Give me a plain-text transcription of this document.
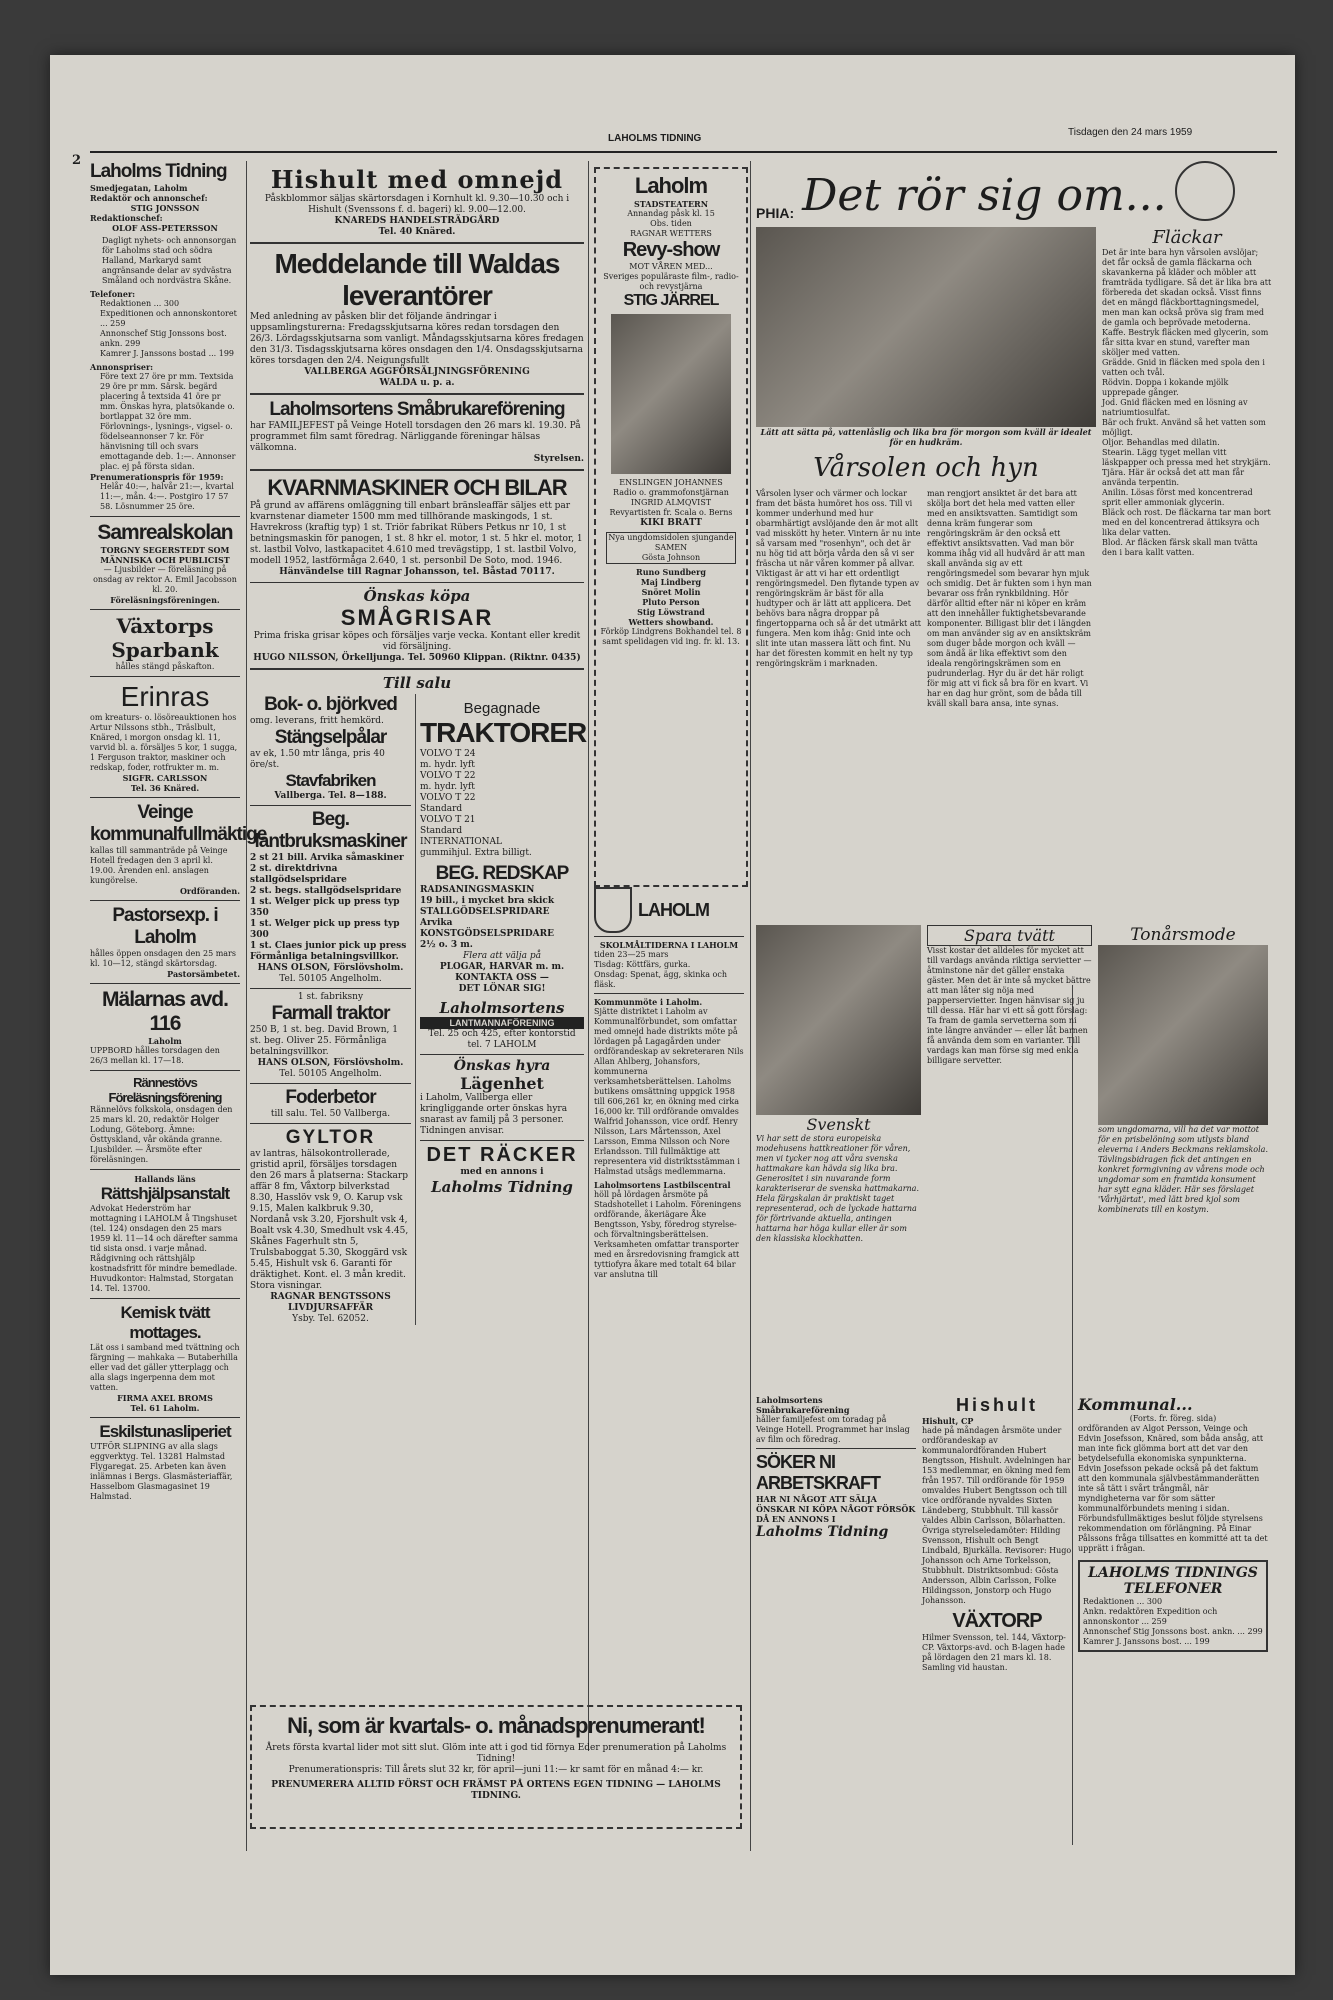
2
LAHOLMS TIDNING
Tisdagen den 24 mars 1959
Laholms Tidning
Smedjegatan, Laholm
Redaktör och annonschef:
STIG JONSSON
Redaktionschef:
OLOF ASS-PETERSSON
Dagligt nyhets- och annonsorgan för Laholms stad och södra Halland, Markaryd samt angränsande delar av sydvästra Småland och nordvästra Skåne.
Telefoner:
Redaktionen ... 300
Expeditionen och annonskontoret ... 259
Annonschef Stig Jonssons bost. ankn. 299
Kamrer J. Janssons bostad ... 199
Annonspriser:
Före text 27 öre pr mm. Textsida 29 öre pr mm. Särsk. begärd placering å textsida 41 öre pr mm. Önskas hyra, platsökande o. bortlappat 32 öre mm. Förlovnings-, lysnings-, vigsel- o. födelseannonser 7 kr. För hänvisning till och svars emottagande deb. 1:—. Annonser plac. ej på första sidan.
Prenumerationspris för 1959:
Helår 40:—, halvår 21:—, kvartal 11:—, mån. 4:—. Postgiro 17 57 58. Lösnummer 25 öre.
Samrealskolan
TORGNY SEGERSTEDT SOM MÄNNISKA OCH PUBLICIST
— Ljusbilder — föreläsning på onsdag av rektor A. Emil Jacobsson kl. 20.
Föreläsningsföreningen.
Växtorps Sparbank
hålles stängd påskafton.
Erinras
om kreaturs- o. lösöreauktionen hos Artur Nilssons stbh., Träslbult, Knäred, i morgon onsdag kl. 11, varvid bl. a. försäljes 5 kor, 1 sugga, 1 Ferguson traktor, maskiner och redskap, foder, rotfrukter m. m.
SIGFR. CARLSSON
Tel. 36 Knäred.
Veinge kommunalfullmäktige
kallas till sammanträde på Veinge Hotell fredagen den 3 april kl. 19.00. Ärenden enl. anslagen kungörelse.
Ordföranden.
Pastorsexp. i Laholm
hålles öppen onsdagen den 25 mars kl. 10—12, stängd skärtorsdag.
Pastorsämbetet.
Mälarnas avd. 116
Laholm
UPPBORD hålles torsdagen den 26/3 mellan kl. 17—18.
Rännestövs Föreläsningsförening
Rännelövs folkskola, onsdagen den 25 mars kl. 20, redaktör Holger Lodung, Göteborg. Ämne: Östtyskland, vår okända granne. Ljusbilder. — Årsmöte efter föreläsningen.
Hallands läns
Rättshjälpsanstalt
Advokat Hederström har mottagning i LAHOLM å Tingshuset (tel. 124) onsdagen den 25 mars 1959 kl. 11—14 och därefter samma tid sista onsd. i varje månad. Rådgivning och rättshjälp kostnadsfritt för mindre bemedlade. Huvudkontor: Halmstad, Storgatan 14. Tel. 13700.
Kemisk tvätt mottages.
Lät oss i samband med tvättning och färgning — mahkaka — Butaberhilla eller vad det gäller ytterplagg och alla slags ingerpenna dem mot vatten.
FIRMA AXEL BROMS
Tel. 61 Laholm.
Eskilstunasliperiet
UTFÖR SLIPNING av alla slags eggverktyg. Tel. 13281 Halmstad Flygaregat. 25. Arbeten kan även inlämnas i Bergs. Glasmästeriaffär, Hasselbom Glasmagasinet 19 Halmstad.
Hishult med omnejd
Påskblommor säljas skärtorsdagen i Kornhult kl. 9.30—10.30 och i Hishult (Svenssons f. d. bageri) kl. 9.00—12.00.
KNAREDS HANDELSTRÄDGÅRD
Tel. 40 Knäred.
Meddelande till Waldas leverantörer
Med anledning av påsken blir det följande ändringar i uppsamlingsturerna: Fredagsskjutsarna köres redan torsdagen den 26/3. Lördagsskjutsarna som vanligt. Måndagsskjutsarna köres fredagen den 31/3. Tisdagsskjutsarna köres onsdagen den 1/4. Onsdagsskjutsarna köres torsdagen den 2/4. Neigungsfullt
VALLBERGA AGGFÖRSÄLJNINGSFÖRENING
WALDA u. p. a.
Laholmsortens Småbrukareförening
har FAMILJEFEST på Veinge Hotell torsdagen den 26 mars kl. 19.30. På programmet film samt föredrag. Närliggande föreningar hälsas välkomna.
Styrelsen.
KVARNMASKINER OCH BILAR
På grund av affärens omläggning till enbart bränsleaffär säljes ett par kvarnstenar diameter 1500 mm med tillhörande maskingods, 1 st. Havrekross (kraftig typ) 1 st. Triör fabrikat Rübers Petkus nr 10, 1 st betningsmaskin för panogen, 1 st. 8 hkr el. motor, 1 st. 5 hkr el. motor, 1 st. lastbil Volvo, lastkapacitet 4.610 med trevägstipp, 1 st. lastbil Volvo, modell 1952, lastförmåga 2.640, 1 st. personbil De Soto, mod. 1946.
Hänvändelse till Ragnar Johansson, tel. Båstad 70117.
Önskas köpa
SMÅGRISAR
Prima friska grisar köpes och försäljes varje vecka. Kontant eller kredit vid försäljning.
HUGO NILSSON, Örkelljunga. Tel. 50960 Klippan. (Riktnr. 0435)
Till salu
Bok- o. björkved
omg. leverans, fritt hemkörd.
Stängselpålar
av ek, 1.50 mtr långa, pris 40 öre/st.
Stavfabriken
Vallberga. Tel. 8—188.
Beg. lantbruksmaskiner
2 st 21 bill. Arvika såmaskiner
2 st. direktdrivna stallgödselspridare
2 st. begs. stallgödselspridare
1 st. Welger pick up press typ 350
1 st. Welger pick up press typ 300
1 st. Claes junior pick up press
Förmånliga betalningsvillkor.
HANS OLSON, Förslövsholm.
Tel. 50105 Angelholm.
1 st. fabriksny
Farmall traktor
250 B, 1 st. beg. David Brown, 1 st. beg. Oliver 25. Förmånliga betalningsvillkor.
HANS OLSON, Förslövsholm.
Tel. 50105 Angelholm.
Foderbetor
till salu. Tel. 50 Vallberga.
GYLTOR
av lantras, hälsokontrollerade, gristid april, försäljes torsdagen den 26 mars å platserna: Stackarp affär 8 fm, Våxtorp bilverkstad 8.30, Hasslöv vsk 9, O. Karup vsk 9.15, Malen kalkbruk 9.30, Nordanå vsk 3.20, Fjorshult vsk 4, Boalt vsk 4.30, Smedhult vsk 4.45, Skånes Fagerhult stn 5, Trulsbaboggat 5.30, Skoggärd vsk 5.45, Hishult vsk 6. Garanti för dräktighet. Kont. el. 3 mån kredit. Stora visningar.
RAGNAR BENGTSSONS LIVDJURSAFFÄR
Ysby. Tel. 62052.
Begagnade
TRAKTORER
VOLVO T 24
m. hydr. lyft
VOLVO T 22
m. hydr. lyft
VOLVO T 22
Standard
VOLVO T 21
Standard
INTERNATIONAL
gummihjul. Extra billigt.
BEG. REDSKAP
RADSANINGSMASKIN
19 bill., i mycket bra skick
STALLGÖDSELSPRIDARE
Arvika
KONSTGÖDSELSPRIDARE
2½ o. 3 m.
Flera att välja på
PLOGAR, HARVAR m. m.
KONTAKTA OSS —
DET LÖNAR SIG!
Laholmsortens
LANTMANNAFÖRENING
Tel. 25 och 425, efter kontorstid tel. 7 LAHOLM
Önskas hyra
Lägenhet
i Laholm, Vallberga eller kringliggande orter önskas hyra snarast av familj på 3 personer. Tidningen anvisar.
DET RÄCKER
med en annons i
Laholms Tidning
Laholm
STADSTEATERN
Annandag påsk kl. 15
Obs. tiden
RAGNAR WETTERS
Revy-show
MOT VÅREN MED...
Sveriges populäraste film-, radio- och revystjärna
STIG JÄRREL
ENSLINGEN JOHANNES
Radio o. grammofonstjärnan
INGRID ALMQVIST
Revyartisten fr. Scala o. Berns
KIKI BRATT
Nya ungdomsidolen sjungande
SAMEN
Gösta Johnson
Runo Sundberg
Maj Lindberg
Snöret Molin
Pluto Person
Stig Löwstrand
Wetters showband.
Förköp Lindgrens Bokhandel tel. 8 samt spelidagen vid ing. fr. kl. 13.
LAHOLM
SKOLMÅLTIDERNA I LAHOLM
tiden 23—25 mars
Tisdag: Köttfärs, gurka.
Onsdag: Spenat, ägg, skinka och fläsk.
Kommunmöte i Laholm.
Sjätte distriktet i Laholm av Kommunalförbundet, som omfattar med omnejd hade distrikts möte på lördagen på Lagagården under ordförandeskap av sekreteraren Nils Allan Ahlberg, Johansfors, kommunerna verksamhetsberättelsen. Laholms butikens omsättning uppgick 1958 till 606,261 kr, en ökning med cirka 16,000 kr. Till ordförande omvaldes Walfrid Johansson, vice ordf. Henry Nilsson, Lars Mårtensson, Axel Larsson, Emma Nilsson och Nore Erlandsson. Till fullmäktige att representera vid distriktsstämman i Halmstad utsågs medlemmarna.
Laholmsortens Lastbilscentral
höll på lördagen årsmöte på Stadshotellet i Laholm. Föreningens ordförande, åkeriägare Åke Bengtsson, Ysby, föredrog styrelse- och förvaltningsberättelsen. Verksamheten omfattar transporter med en årsredovisning framgick att tyttiofyra åkare med totalt 64 bilar var anslutna till
PHIA: Det rör sig om...
Lätt att sätta på, vattenlåslig och lika bra för morgon som kväll är idealet för en hudkräm.
Vårsolen och hyn
Vårsolen lyser och värmer och lockar fram det bästa humöret hos oss. Till vi kommer underhund med hur obarmhärtigt avslöjande den är mot allt vad misskött hy heter. Vintern är nu inte så varsam med "rosenhyn", och det är nu hög tid att börja vårda den så vi ser fräscha ut när våren kommer på allvar. Viktigast är att vi har ett ordentligt rengöringsmedel. Den flytande typen av rengöringskräm är bäst för alla hudtyper och är lätt att applicera. Det behövs bara några droppar på fingertopparna och så är det utmärkt att fungera. Men kom ihåg: Gnid inte och slit inte utan massera lätt och fint. Nu har det föresten kommit en helt ny typ rengöringskräm i marknaden.
man rengjort ansiktet är det bara att skölja bort det hela med vatten eller med en ansiktsvatten. Samtidigt som denna kräm fungerar som rengöringskräm är den också ett effektivt ansiktsvatten. Vad man bör komma ihåg vid all hudvård är att man skall använda sig av ett rengöringsmedel som bevarar hyn mjuk och smidig. Det är fukten som i hyn man bevarar oss från rynkbildning. Hör därför alltid efter när ni köper en kräm att den innehåller fuktighetsbevarande komponenter. Billigast blir det i längden om man använder sig av en ansiktskräm som duger både morgon och kväll — som ändå är lika effektivt som den ideala rengöringskrämen som en pudrunderlag. Hyr du är det här roligt för mig att vi fick så bra för en kvart. Vi har en dag hur grönt, som de båda till kväll skall bara ansa, inte synas.
Fläckar
Det är inte bara hyn vårsolen avslöjar; det får också de gamla fläckarna och skavankerna på kläder och möbler att framträda tydligare. Så det är lika bra att förbereda det skadan också. Visst finns det en mängd fläckborttagningsmedel, men man kan också pröva sig fram med de gamla och beprövade metoderna.
Kaffe. Bestryk fläcken med glycerin, som får sitta kvar en stund, varefter man sköljer med vatten.
Grädde. Gnid in fläcken med spola den i vatten och tvål.
Rödvin. Doppa i kokande mjölk upprepade gånger.
Jod. Gnid fläcken med en lösning av natriumtiosulfat.
Bär och frukt. Använd så het vatten som möjligt.
Oljor. Behandlas med dilatin.
Stearin. Lägg tyget mellan vitt läskpapper och pressa med het strykjärn.
Tjära. Här är också det att man får använda terpentin.
Anilin. Lösas först med koncentrerad sprit eller ammoniak glycerin.
Bläck och rost. De fläckarna tar man bort med en del koncentrerad ättiksyra och lika delar vatten.
Blod. Ar fläcken färsk skall man tvätta den i bara kallt vatten.
Svenskt
Vi har sett de stora europeiska modehusens hattkreationer för våren, men vi tycker nog att våra svenska hattmakare kan hävda sig lika bra. Generositet i sin nuvarande form karakteriserar de svenska hattmakarna. Hela färgskalan är praktiskt taget representerad, och de lyckade hattarna för förtrivande aktuella, antingen hattarna har höga kullar eller är som den klassiska klockhatten.
Spara tvätt
Visst kostar det alldeles för mycket att till vardags använda riktiga servietter — åtminstone när det gäller enstaka gäster. Men det är inte så mycket bättre att man låter sig nöja med papperservietter. Ingen hänvisar sig ju till dessa. Här har vi ett så gott förslag: Ta fram de gamla servetterna som ni inte längre använder — eller låt barnen få använda dem som en varianter. Till vardags kan man förse sig med enkla billigare servetter.
Tonårsmode
som ungdomarna, vill ha det var mottot för en prisbelöning som utlysts bland eleverna i Anders Beckmans reklamskola. Tävlingsbidragen fick det antingen en konkret formgivning av vårens mode och ungdomar som en framtida konsument har sytt egna kläder. Här ses förslaget 'Vårhjärtat', med lätt bred kjol som kombinerats till en kostym.
Laholmsortens Småbrukareförening
håller familjefest om toradag på Veinge Hotell. Programmet har inslag av film och föredrag.
SÖKER NI ARBETSKRAFT
HAR NI NÅGOT ATT SÄLJA ÖNSKAR NI KÖPA NÅGOT FÖRSÖK DÅ EN ANNONS I
Laholms Tidning
Hishult
Hishult, CP
hade på måndagen årsmöte under ordförandeskap av kommunalordföranden Hubert Bengtsson, Hishult. Avdelningen har 153 medlemmar, en ökning med fem från 1957. Till ordförande för 1959 omvaldes Hubert Bengtsson och till vice ordförande nyvaldes Sixten Ländeberg, Stubbhult. Till kassör valdes Albin Carlsson, Bölarhatten. Övriga styrelseledamöter: Hilding Svensson, Hishult och Bengt Lindbald, Bjurkälla. Revisorer: Hugo Johansson och Arne Torkelsson, Stubbhult. Distriktsombud: Gösta Andersson, Albin Carlsson, Folke Hildingsson, Jonstorp och Hugo Johansson.
VÄXTORP
Hilmer Svensson, tel. 144, Växtorp-CP. Växtorps-avd. och B-lagen hade på lördagen den 21 mars kl. 18. Samling vid haustan.
Kommunal...
(Forts. fr. föreg. sida)
ordföranden av Algot Persson, Veinge och Edvin Josefsson, Knäred, som båda ansåg, att man inte fick glömma bort att det var den betydelsefulla ekonomiska synpunkterna. Edvin Josefsson pekade också på det faktum att den kommunala självbestämmanderätten inte så tätt i svårt trångmål, när myndigheterna var för som sätter kommunalförbundets mening i sidan. Förbundsfullmäktiges beslut följde styrelsens rekommendation om förlängning. På Einar Pålssons fråga tillsattes en kommitté att ta det upprätt i frågan.
LAHOLMS TIDNINGS TELEFONER
Redaktionen ... 300
Ankn. redaktören Expedition och annonskontor ... 259
Annonschef Stig Jonssons bost. ankn. ... 299
Kamrer J. Janssons bost. ... 199
Ni, som är kvartals- o. månadsprenumerant!
Årets första kvartal lider mot sitt slut. Glöm inte att i god tid förnya Eder prenumeration på Laholms Tidning!
Prenumerationspris: Till årets slut 32 kr, för april—juni 11:— kr samt för en månad 4:— kr.
PRENUMERERA ALLTID FÖRST OCH FRÄMST PÅ ORTENS EGEN TIDNING — LAHOLMS TIDNING.
